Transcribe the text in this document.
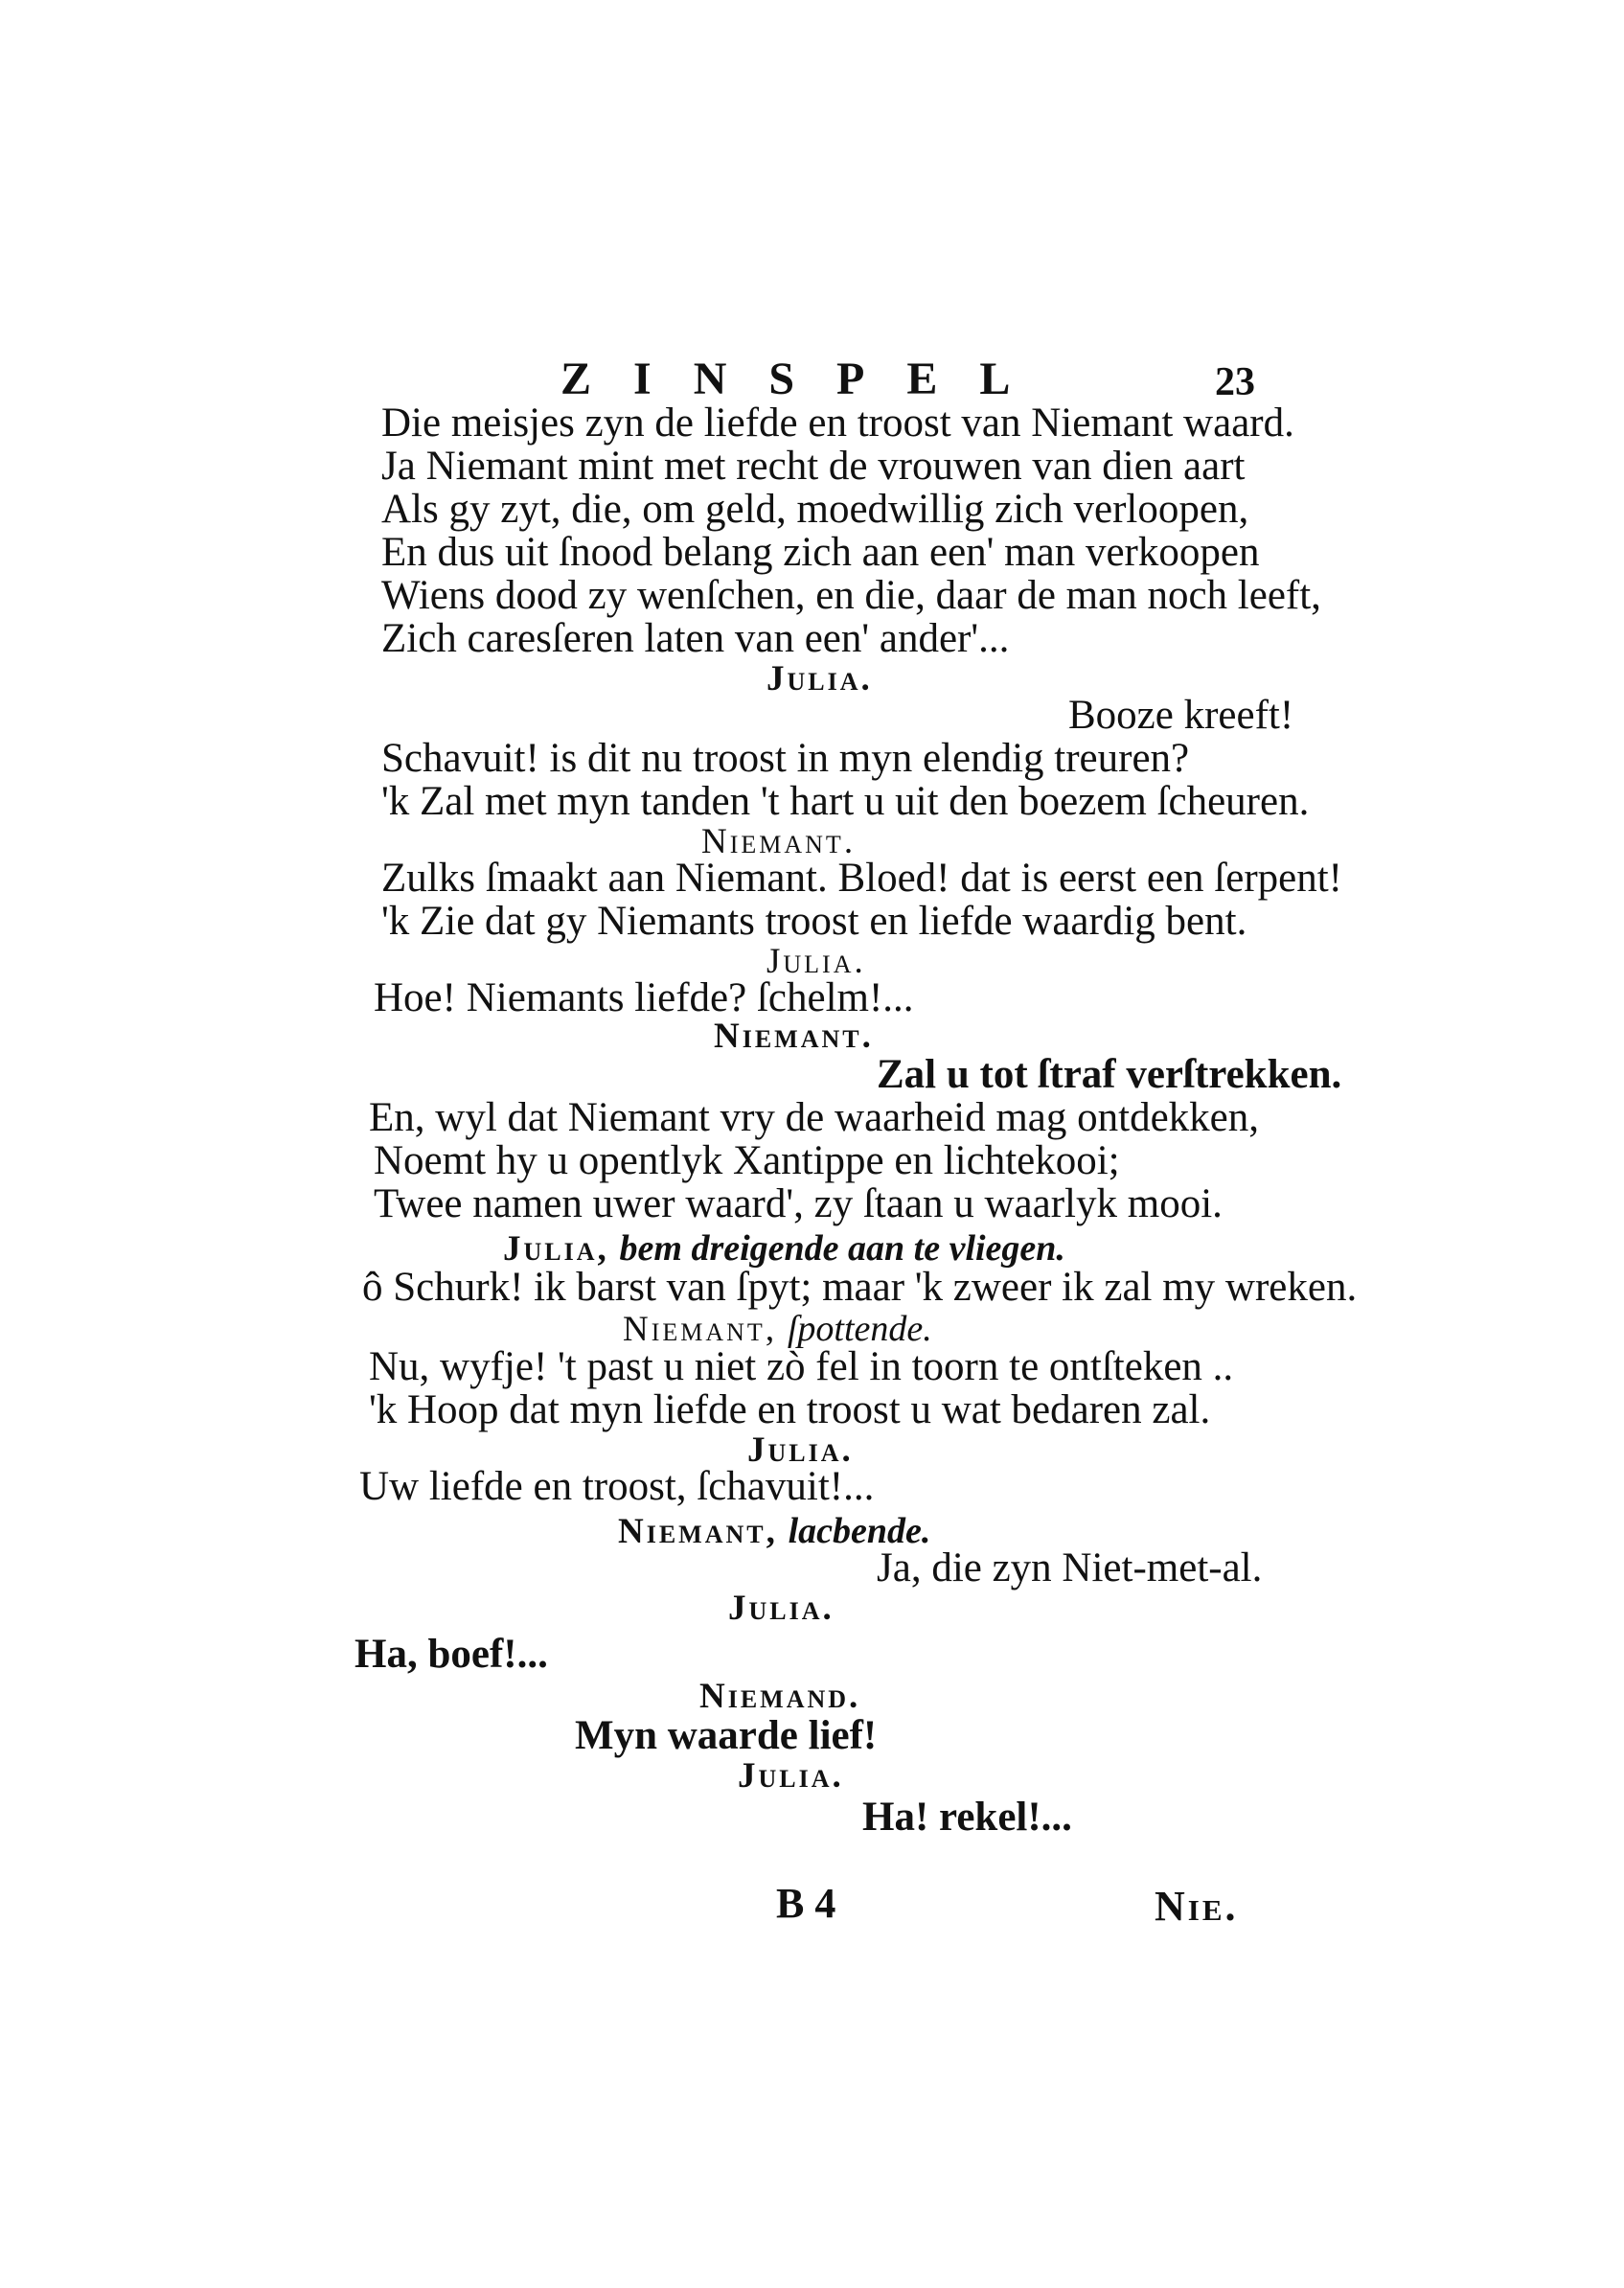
ZINSPEL	23
Die meisjes zyn de liefde en troost van Niemant waard.
Ja Niemant mint met recht de vrouwen van dien aart
Als gy zyt, die, om geld, moedwillig zich verloopen,
En dus uit ſnood belang zich aan een' man verkoopen
Wiens dood zy wenſchen, en die, daar de man noch leeft,
Zich caresſeren laten van een' ander'...
Julia.
Booze kreeft!
Schavuit! is dit nu troost in myn elendig treuren?
'k Zal met myn tanden 't hart u uit den boezem ſcheuren.
Niemant.
Zulks ſmaakt aan Niemant. Bloed! dat is eerst een ſerpent!
'k Zie dat gy Niemants troost en liefde waardig bent.
Julia.
Hoe! Niemants liefde? ſchelm!...
Niemant.
Zal u tot ſtraf verſtrekken.
En, wyl dat Niemant vry de waarheid mag ontdekken,
Noemt hy u opentlyk Xantippe en lichtekooi;
Twee namen uwer waard', zy ſtaan u waarlyk mooi.
Julia, bem dreigende aan te vliegen.
ô Schurk! ik barst van ſpyt; maar 'k zweer ik zal my wreken.
Niemant, ſpottende.
Nu, wyfje! 't past u niet zò fel in toorn te ontſteken ..
'k Hoop dat myn liefde en troost u wat bedaren zal.
Julia.
Uw liefde en troost, ſchavuit!...
Niemant, lacbende.
Ja, die zyn Niet-met-al.
Julia.
Ha, boef!...
Niemand.
Myn waarde lief!
Julia.
Ha! rekel!...
B 4	Nie.
